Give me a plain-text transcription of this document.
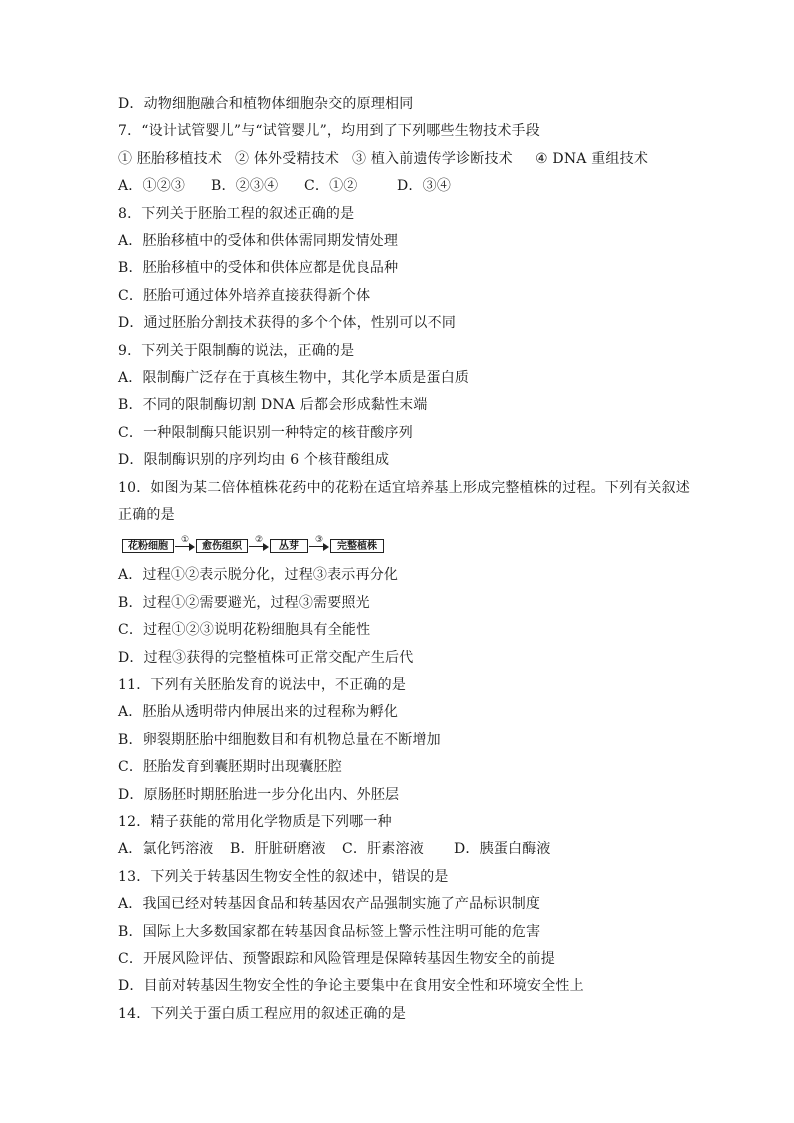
D．动物细胞融合和植物体细胞杂交的原理相同
7．“设计试管婴儿”与“试管婴儿”，均用到了下列哪些生物技术手段
① 胚胎移植技术 ② 体外受精技术 ③ 植入前遗传学诊断技术 ④ DNA 重组技术
A．①②③ B．②③④ C．①②	D．③④
8．下列关于胚胎工程的叙述正确的是
A．胚胎移植中的受体和供体需同期发情处理
B．胚胎移植中的受体和供体应都是优良品种
C．胚胎可通过体外培养直接获得新个体
D．通过胚胎分割技术获得的多个个体，性别可以不同
9．下列关于限制酶的说法，正确的是
A．限制酶广泛存在于真核生物中，其化学本质是蛋白质
B．不同的限制酶切割 DNA 后都会形成黏性末端
C．一种限制酶只能识别一种特定的核苷酸序列
D．限制酶识别的序列均由 6 个核苷酸组成
10．如图为某二倍体植株花药中的花粉在适宜培养基上形成完整植株的过程。下列有关叙述
正确的是
花粉细胞
①
愈伤组织
②
丛芽
③
完整植株
A．过程①②表示脱分化，过程③表示再分化
B．过程①②需要避光，过程③需要照光
C．过程①②③说明花粉细胞具有全能性
D．过程③获得的完整植株可正常交配产生后代
11．下列有关胚胎发育的说法中，不正确的是
A．胚胎从透明带内伸展出来的过程称为孵化
B．卵裂期胚胎中细胞数目和有机物总量在不断增加
C．胚胎发育到囊胚期时出现囊胚腔
D．原肠胚时期胚胎进一步分化出内、外胚层
12．精子获能的常用化学物质是下列哪一种
A．氯化钙溶液 B．肝脏研磨液 C．肝素溶液 D．胰蛋白酶液
13．下列关于转基因生物安全性的叙述中，错误的是
A．我国已经对转基因食品和转基因农产品强制实施了产品标识制度
B．国际上大多数国家都在转基因食品标签上警示性注明可能的危害
C．开展风险评估、预警跟踪和风险管理是保障转基因生物安全的前提
D．目前对转基因生物安全性的争论主要集中在食用安全性和环境安全性上
14．下列关于蛋白质工程应用的叙述正确的是
